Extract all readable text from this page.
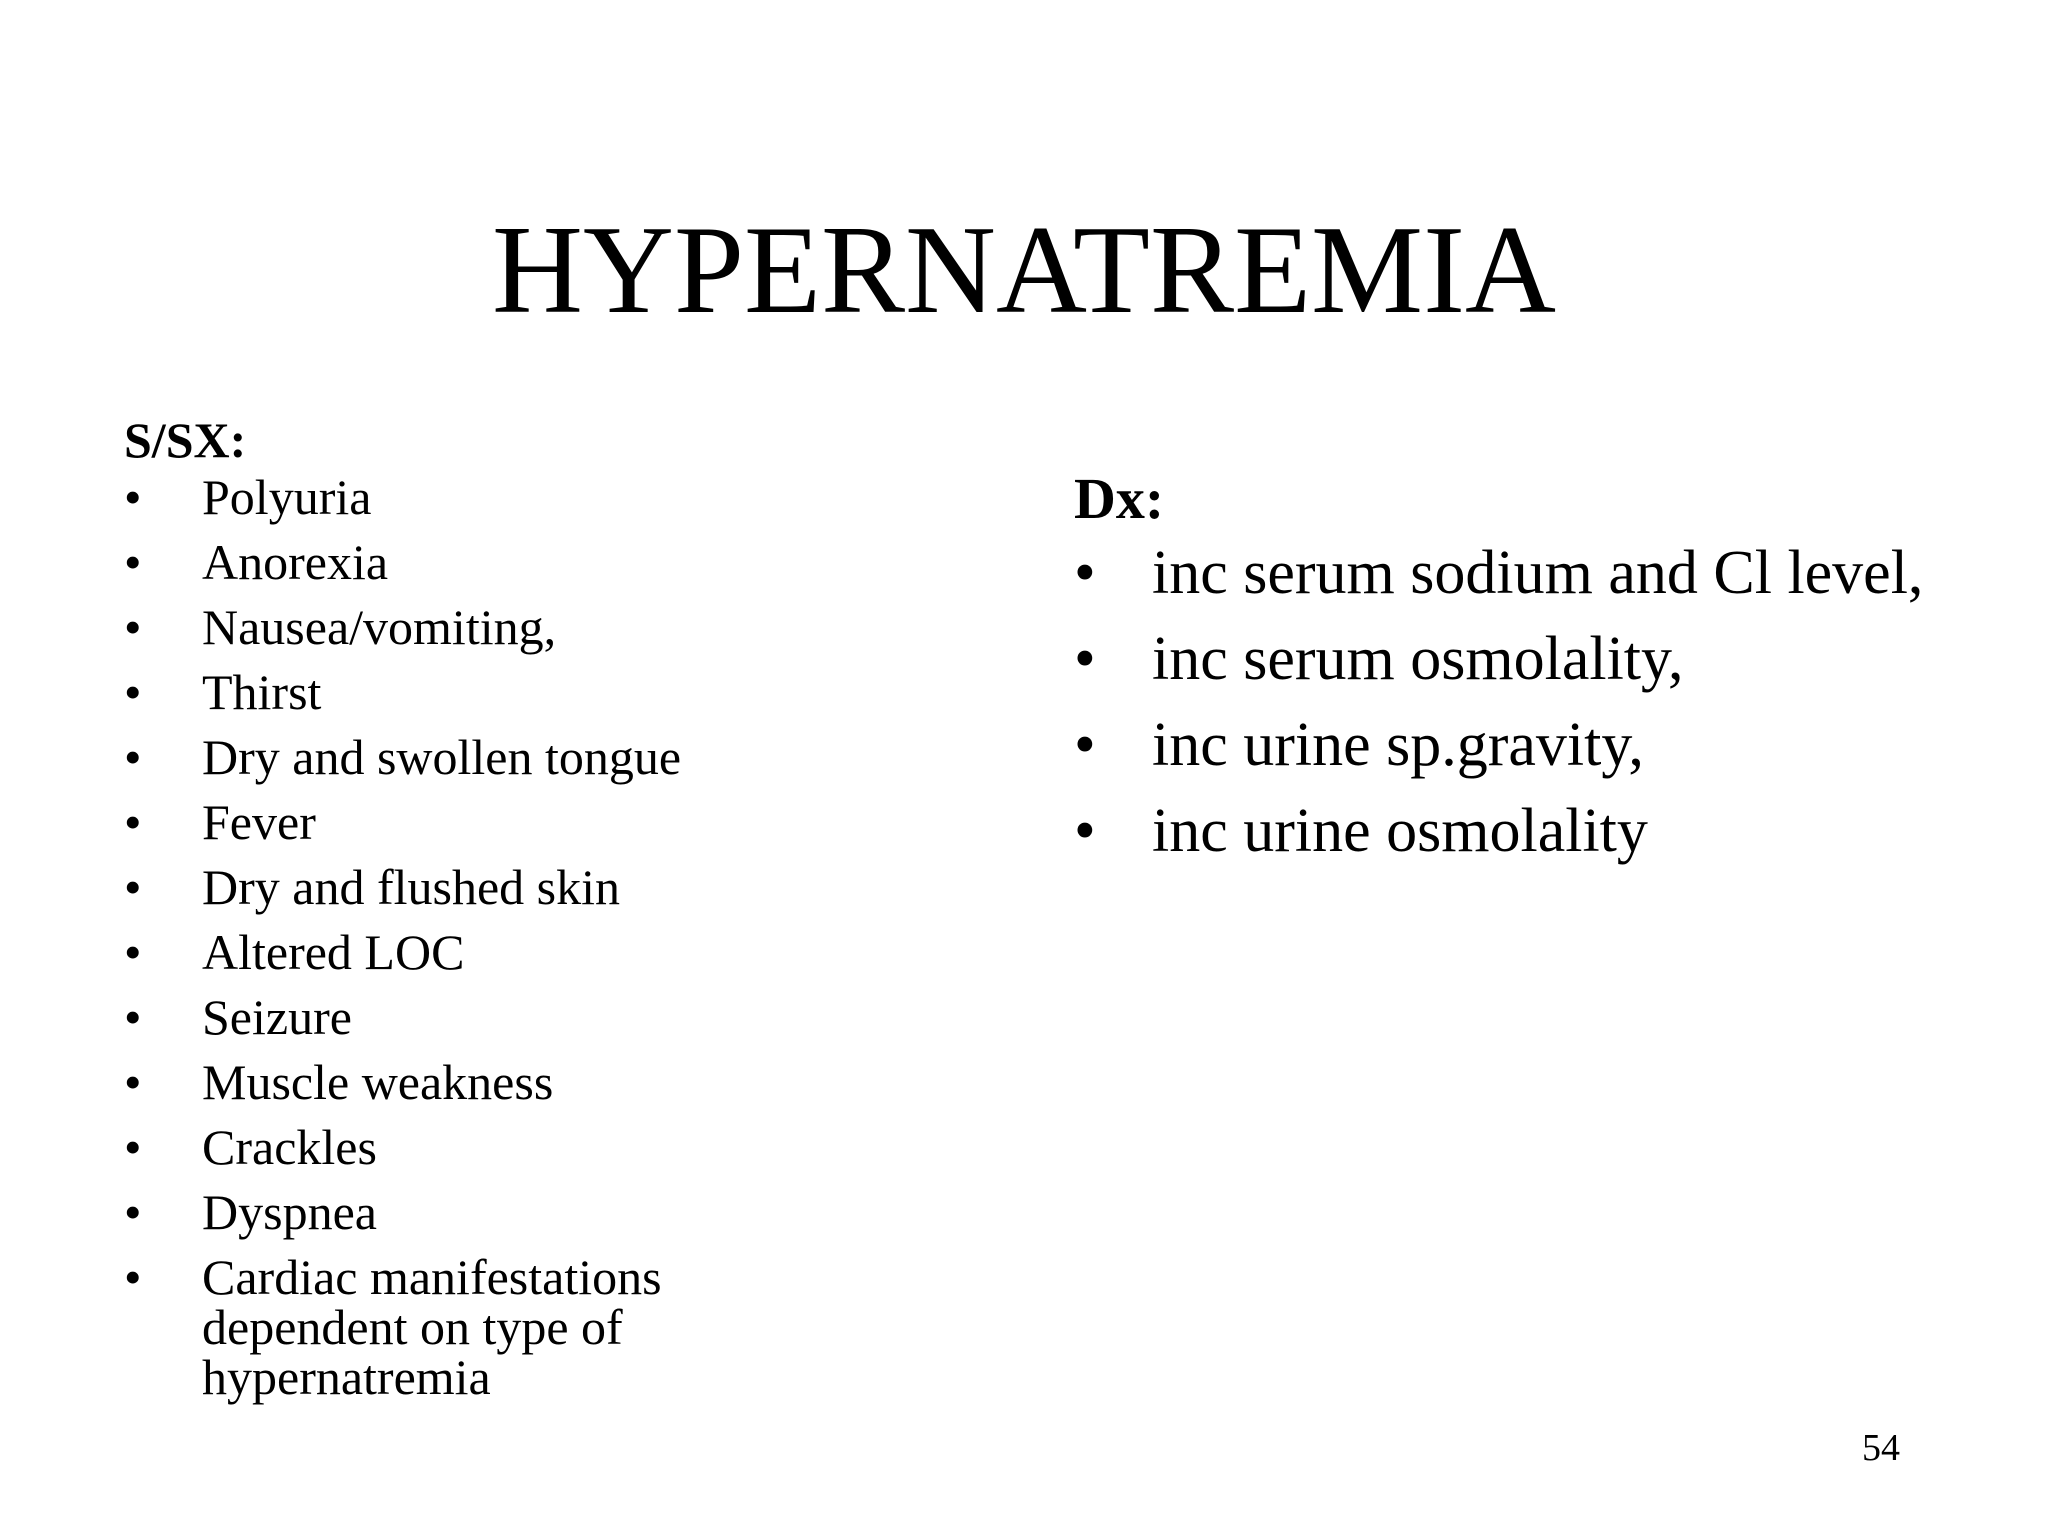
HYPERNATREMIA
S/SX:
•	Polyuria
•	Anorexia
•	Nausea/vomiting,
•	Thirst
•	Dry and swollen tongue
•	Fever
•	Dry and flushed skin
•	Altered LOC
•	Seizure
•	Muscle weakness
•	Crackles
•	Dyspnea
•	Cardiac manifestations dependent on type of hypernatremia
Dx:
• inc serum sodium and Cl level,
• inc serum osmolality,
• inc urine sp.gravity,
• inc urine osmolality
54
